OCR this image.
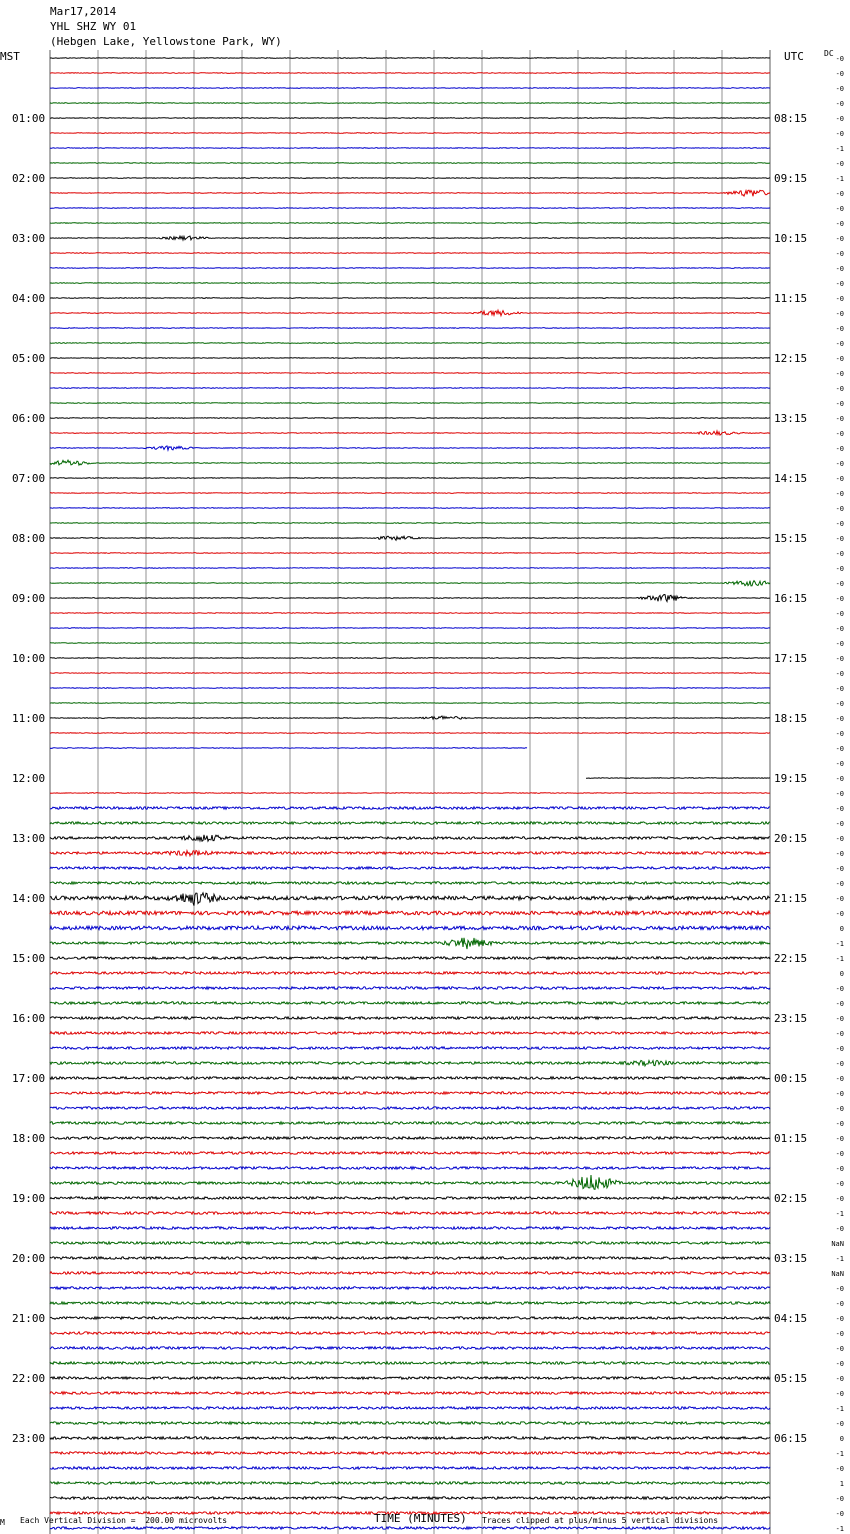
Mar17,2014
YHL SHZ WY 01
(Hebgen Lake, Yellowstone Park, WY)
MST	UTC	DC
01:00
02:00
03:00
04:00
05:00
06:00
07:00
08:00
09:00
10:00
11:00
12:00
13:00
14:00
15:00
16:00
17:00
18:00
19:00
20:00
21:00
22:00
23:00
08:15
09:15
10:15
11:15
12:15
13:15
14:15
15:15
16:15
17:15
18:15
19:15
20:15
21:15
22:15
23:15
00:15
01:15
02:15
03:15
04:15
05:15
06:15
-0
-0
-0
-0
-0
-0
-1
-0
-1
-0
-0
-0
-0
-0
-0
-0
-0
-0
-0
-0
-0
-0
-0
-0
-0
-0
-0
-0
-0
-0
-0
-0
-0
-0
-0
-0
-0
-0
-0
-0
-0
-0
-0
-0
-0
-0
-0
-0
-0
-0
-0
-0
-0
-0
-0
-0
-0
-0
0
-1
-1
0
-0
-0
-0
-0
-0
-0
-0
-0
-0
-0
-0
-0
-0
-0
-0
-1
-0
NaN
-1
NaN
-0
-0
-0
-0
-0
-0
-0
-0
-1
-0
0
-1
-0
1
-0
-0
-1
M Each Vertical Division =  200.00 microvolts	TIME (MINUTES) Traces clipped at plus/minus 5 vertical divisions
